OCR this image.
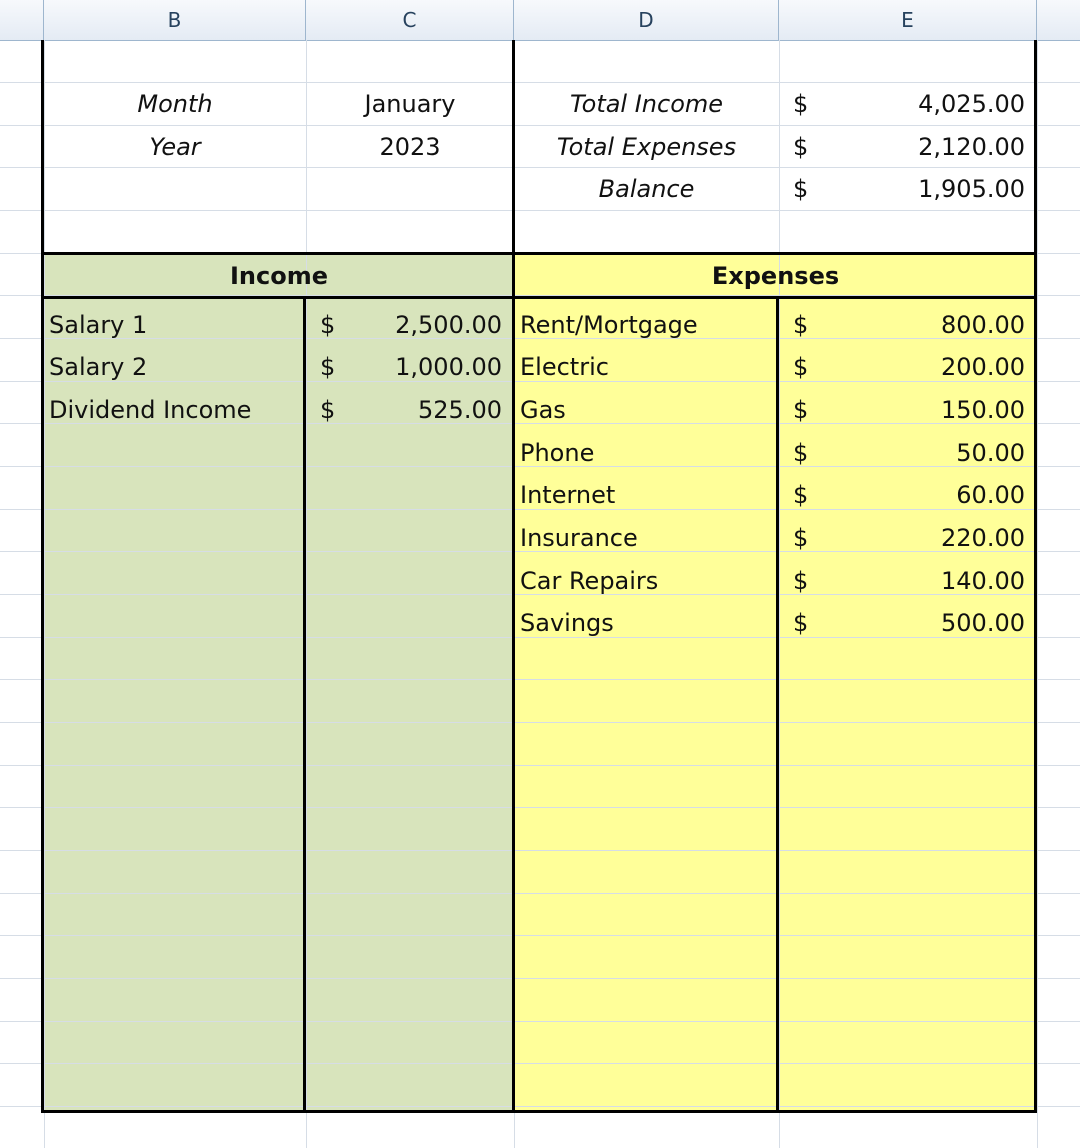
B	C	D	E
Month	January
Year	2023
Total Income	$	4,025.00
Total Expenses	$	2,120.00
Balance	$	1,905.00
Income	Expenses
Salary 1	$	2,500.00
Salary 2	$	1,000.00
Dividend Income	$	525.00
Rent/Mortgage	$	800.00
Electric	$	200.00
Gas	$	150.00
Phone	$	50.00
Internet	$	60.00
Insurance	$	220.00
Car Repairs	$	140.00
Savings	$	500.00
